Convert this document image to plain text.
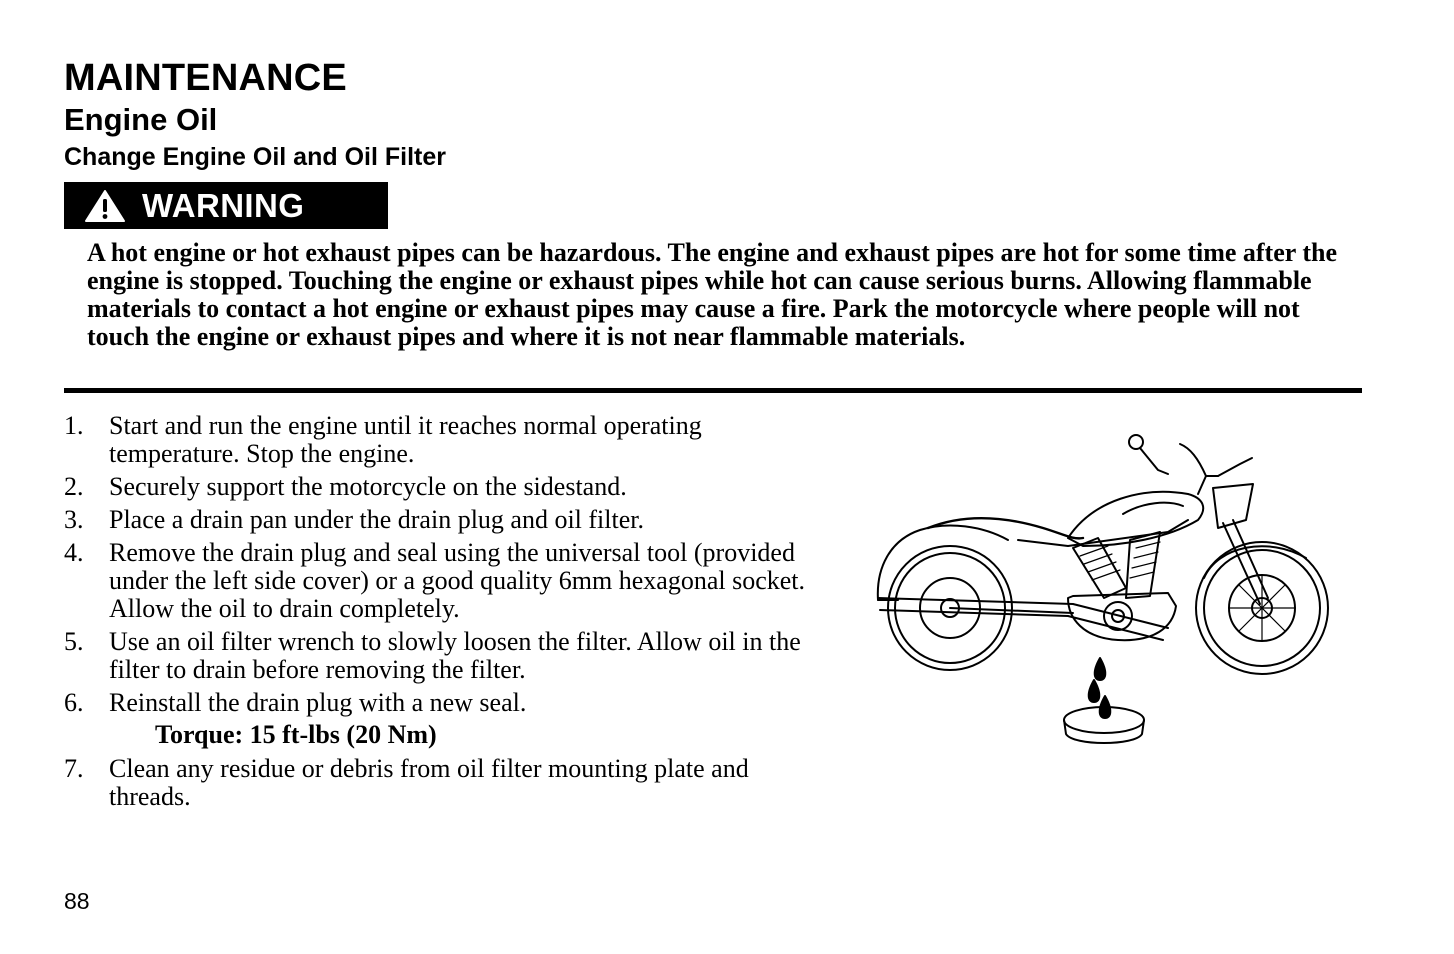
MAINTENANCE
Engine Oil
Change Engine Oil and Oil Filter
WARNING

A hot engine or hot exhaust pipes can be hazardous. The engine and exhaust pipes are hot for some time after the engine is stopped. Touching the engine or exhaust pipes while hot can cause serious burns. Allowing flammable materials to contact a hot engine or exhaust pipes may cause a fire. Park the motorcycle where people will not touch the engine or exhaust pipes and where it is not near flammable materials.

1. Start and run the engine until it reaches normal operating temperature. Stop the engine.
2. Securely support the motorcycle on the sidestand.
3. Place a drain pan under the drain plug and oil filter.
4. Remove the drain plug and seal using the universal tool (provided under the left side cover) or a good quality 6mm hexagonal socket. Allow the oil to drain completely.
5. Use an oil filter wrench to slowly loosen the filter. Allow oil in the filter to drain before removing the filter.
6. Reinstall the drain plug with a new seal.
7. Clean any residue or debris from oil filter mounting plate and threads.

Torque: 15 ft-lbs (20 Nm)

88
